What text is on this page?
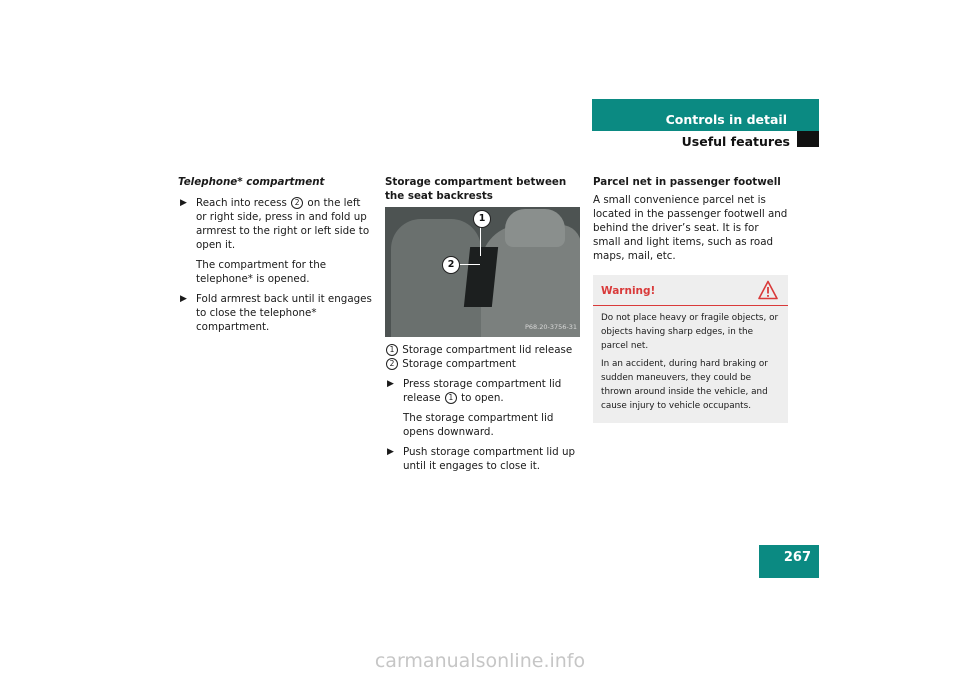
Controls in detail
Useful features
Telephone* compartment
▶ Reach into recess 2 on the left or right side, press in and fold up armrest to the right or left side to open it.
The compartment for the telephone* is opened.
▶ Fold armrest back until it engages to close the telephone* compartment.
Storage compartment between the seat backrests
1
2
P68.20-3756-31
1 Storage compartment lid release
2 Storage compartment
▶ Press storage compartment lid release 1 to open.
The storage compartment lid opens downward.
▶ Push storage compartment lid up until it engages to close it.
Parcel net in passenger footwell
A small convenience parcel net is located in the passenger footwell and behind the driver’s seat. It is for small and light items, such as road maps, mail, etc.
Warning!

Do not place heavy or fragile objects, or objects having sharp edges, in the parcel net.

In an accident, during hard braking or sudden maneuvers, they could be thrown around inside the vehicle, and cause injury to vehicle occupants.

267
carmanualsonline.info
